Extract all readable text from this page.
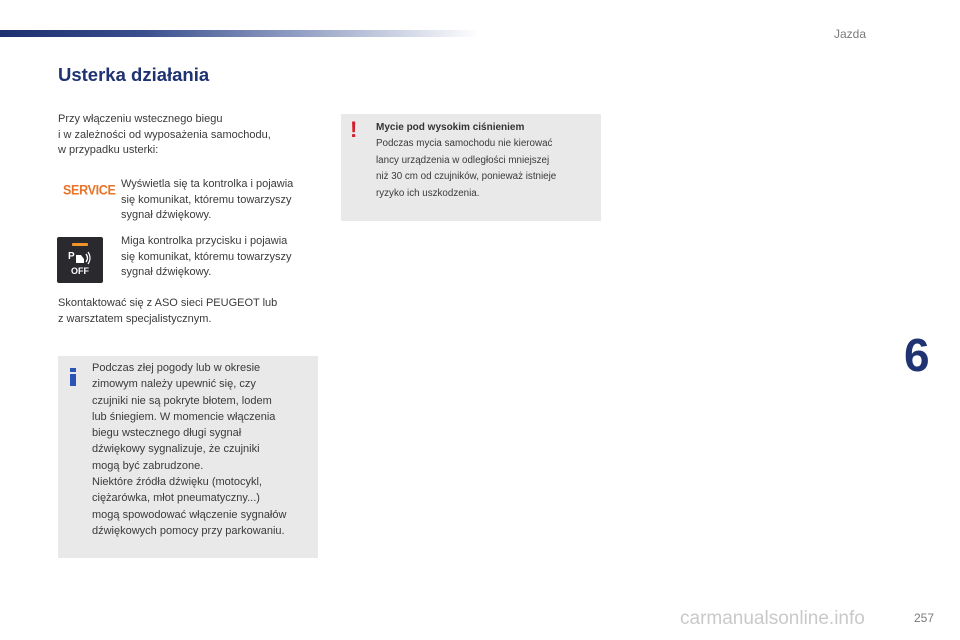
Jazda
Usterka działania
Przy włączeniu wstecznego biegu
i w zależności od wyposażenia samochodu,
w przypadku usterki:
SERVICE Wyświetla się ta kontrolka i pojawia
się komunikat, któremu towarzyszy
sygnał dźwiękowy.
P
OFF
Miga kontrolka przycisku i pojawia
się komunikat, któremu towarzyszy
sygnał dźwiękowy.
Skontaktować się z ASO sieci PEUGEOT lub
z warsztatem specjalistycznym.
Podczas złej pogody lub w okresie
zimowym należy upewnić się, czy
czujniki nie są pokryte błotem, lodem
lub śniegiem. W momencie włączenia
biegu wstecznego długi sygnał
dźwiękowy sygnalizuje, że czujniki
mogą być zabrudzone.
Niektóre źródła dźwięku (motocykl,
ciężarówka, młot pneumatyczny...)
mogą spowodować włączenie sygnałów
dźwiękowych pomocy przy parkowaniu.
! Mycie pod wysokim ciśnieniem
Podczas mycia samochodu nie kierować
lancy urządzenia w odległości mniejszej
niż 30 cm od czujników, ponieważ istnieje
ryzyko ich uszkodzenia.
6
carmanualsonline.info	257
